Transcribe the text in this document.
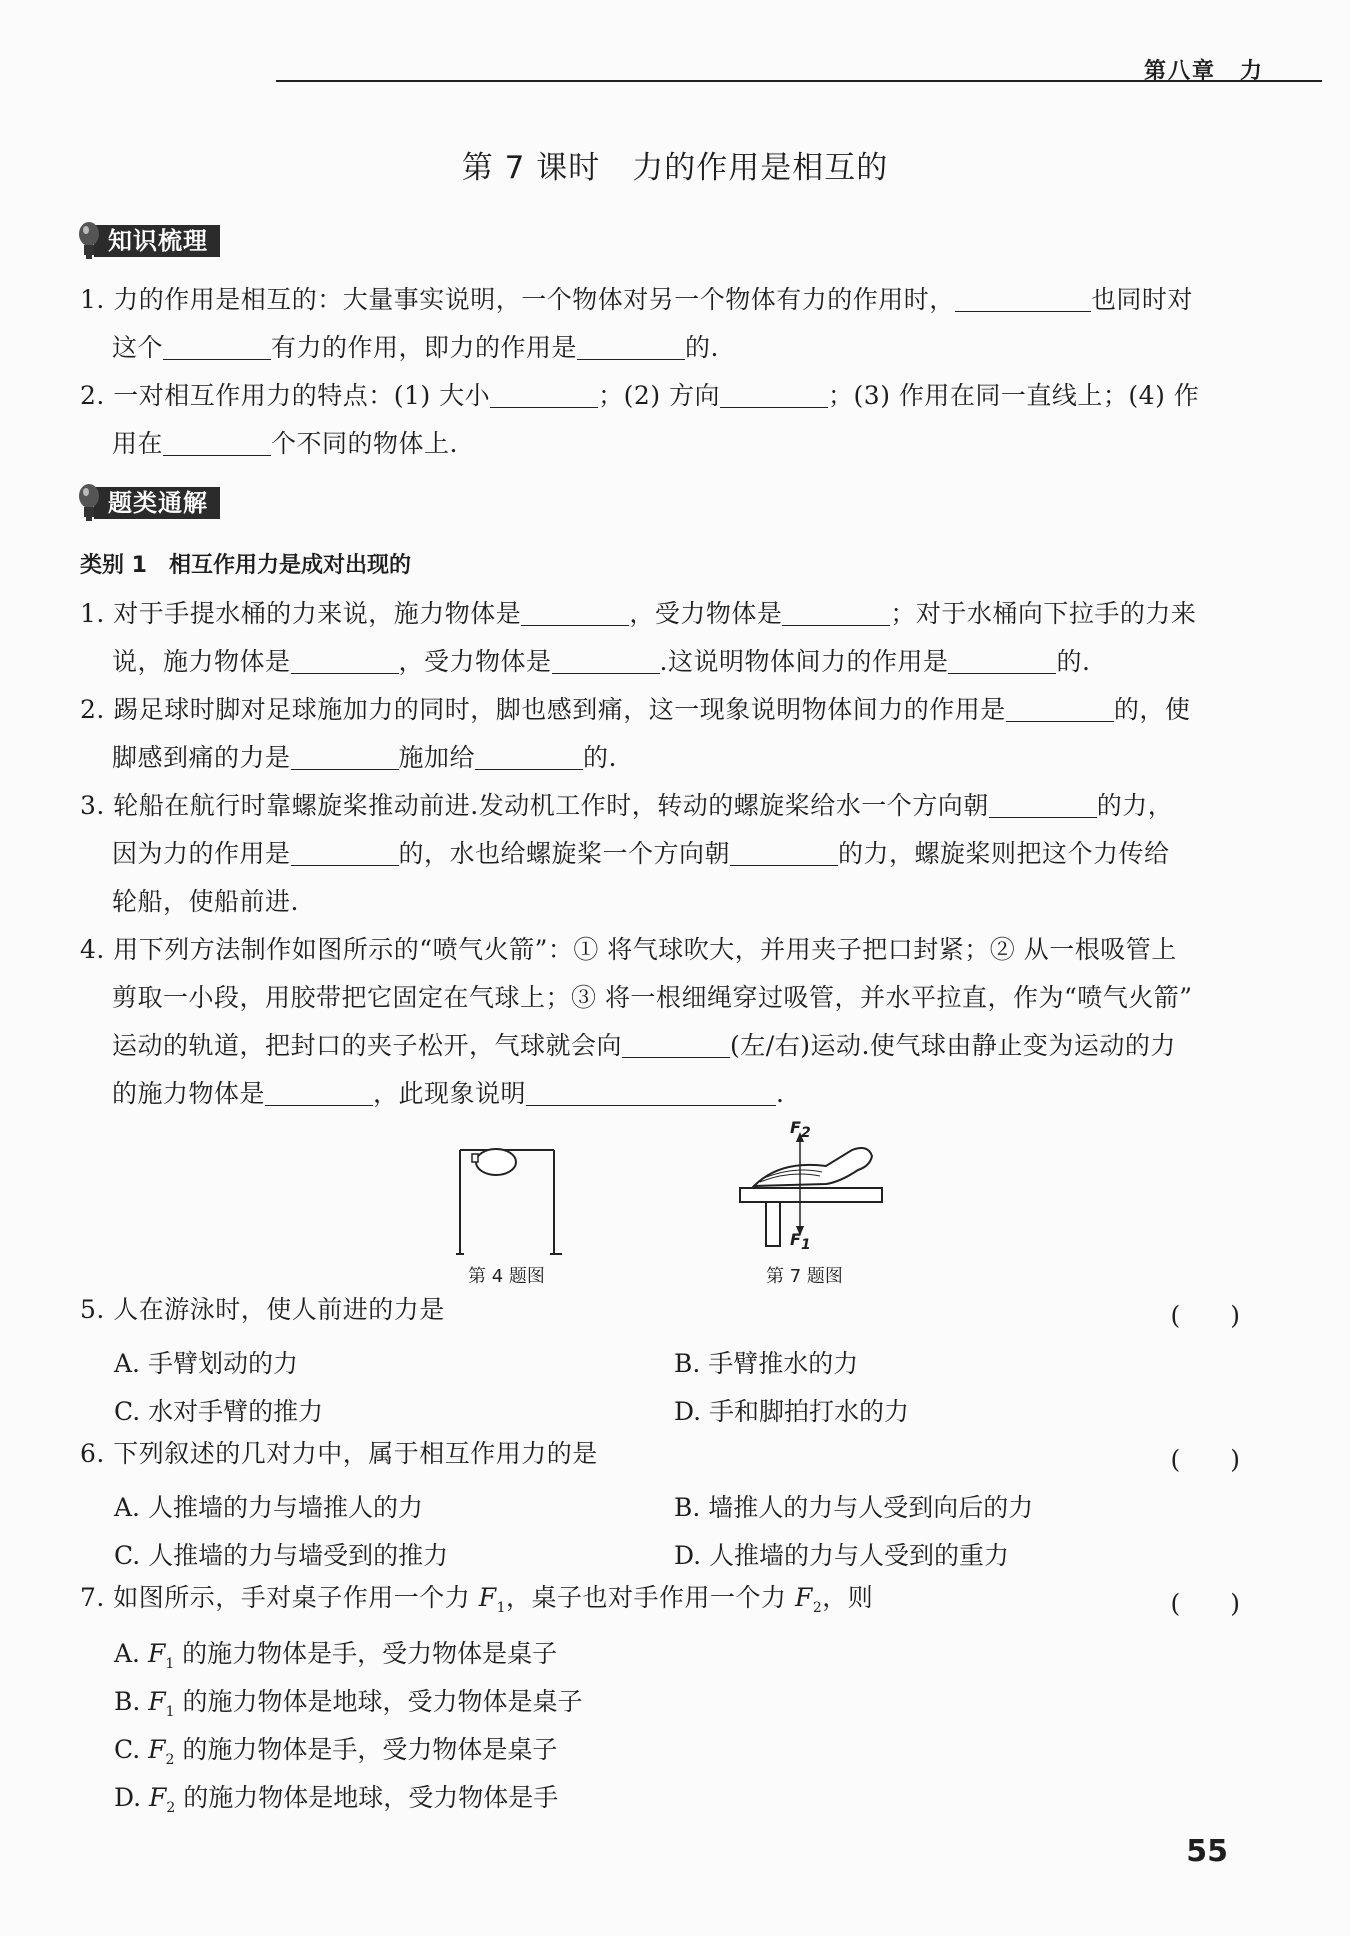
第八章　力
第 7 课时　力的作用是相互的
知识梳理
1. 力的作用是相互的：大量事实说明，一个物体对另一个物体有力的作用时，	也同时对
这个	有力的作用，即力的作用是	的.
2. 一对相互作用力的特点：(1) 大小	；(2) 方向	；(3) 作用在同一直线上；(4) 作
用在	个不同的物体上.
题类通解
类别 1　相互作用力是成对出现的
1. 对于手提水桶的力来说，施力物体是	，受力物体是	；对于水桶向下拉手的力来
说，施力物体是	，受力物体是	.这说明物体间力的作用是	的.
2. 踢足球时脚对足球施加力的同时，脚也感到痛，这一现象说明物体间力的作用是	的，使
脚感到痛的力是	施加给	的.
3. 轮船在航行时靠螺旋桨推动前进.发动机工作时，转动的螺旋桨给水一个方向朝	的力，
因为力的作用是	的，水也给螺旋桨一个方向朝	的力，螺旋桨则把这个力传给
轮船，使船前进.
4. 用下列方法制作如图所示的“喷气火箭”：① 将气球吹大，并用夹子把口封紧；② 从一根吸管上
剪取一小段，用胶带把它固定在气球上；③ 将一根细绳穿过吸管，并水平拉直，作为“喷气火箭”
运动的轨道，把封口的夹子松开，气球就会向	(左/右)运动.使气球由静止变为运动的力
的施力物体是	，此现象说明	.
第 4 题图
$F_2$
$F_1$
第 7 题图
5. 人在游泳时，使人前进的力是	(　　)
A. 手臂划动的力	B. 手臂推水的力
C. 水对手臂的推力	D. 手和脚拍打水的力
6. 下列叙述的几对力中，属于相互作用力的是	(　　)
A. 人推墙的力与墙推人的力	B. 墙推人的力与人受到向后的力
C. 人推墙的力与墙受到的推力	D. 人推墙的力与人受到的重力
7. 如图所示，手对桌子作用一个力 $F_1$，桌子也对手作用一个力 $F_2$，则	(　　)
A. $F_1$ 的施力物体是手，受力物体是桌子
B. $F_1$ 的施力物体是地球，受力物体是桌子
C. $F_2$ 的施力物体是手，受力物体是桌子
D. $F_2$ 的施力物体是地球，受力物体是手
55
